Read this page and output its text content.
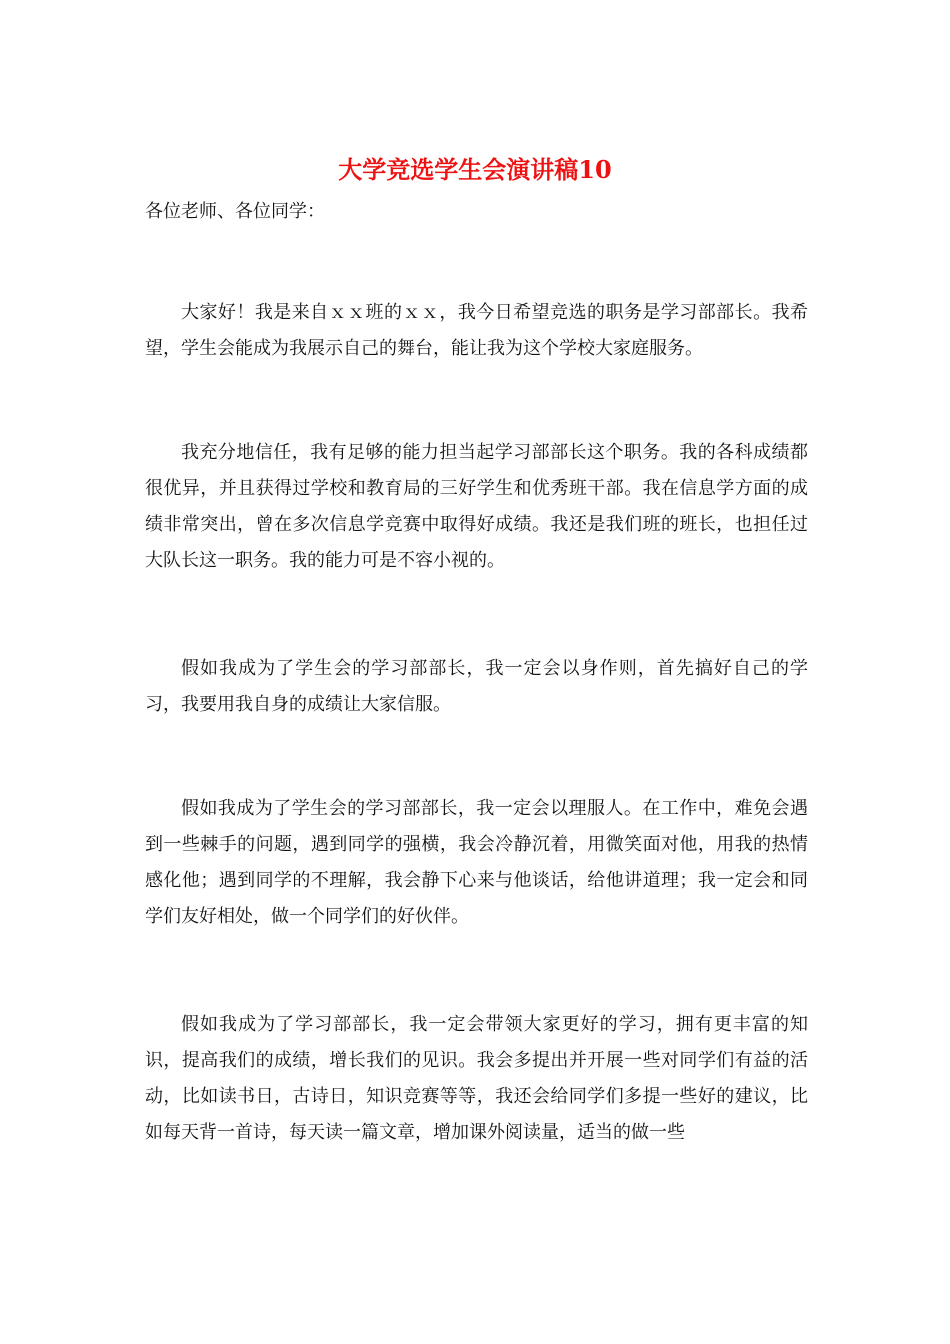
大学竞选学生会演讲稿10

各位老师、各位同学：

大家好！我是来自ｘｘ班的ｘｘ，我今日希望竞选的职务是学习部部长。我希望，学生会能成为我展示自己的舞台，能让我为这个学校大家庭服务。

我充分地信任，我有足够的能力担当起学习部部长这个职务。我的各科成绩都很优异，并且获得过学校和教育局的三好学生和优秀班干部。我在信息学方面的成绩非常突出，曾在多次信息学竞赛中取得好成绩。我还是我们班的班长，也担任过大队长这一职务。我的能力可是不容小视的。

假如我成为了学生会的学习部部长，我一定会以身作则，首先搞好自己的学习，我要用我自身的成绩让大家信服。

假如我成为了学生会的学习部部长，我一定会以理服人。在工作中，难免会遇到一些棘手的问题，遇到同学的强横，我会冷静沉着，用微笑面对他，用我的热情感化他；遇到同学的不理解，我会静下心来与他谈话，给他讲道理；我一定会和同学们友好相处，做一个同学们的好伙伴。

假如我成为了学习部部长，我一定会带领大家更好的学习，拥有更丰富的知识，提高我们的成绩，增长我们的见识。我会多提出并开展一些对同学们有益的活动，比如读书日，古诗日，知识竞赛等等，我还会给同学们多提一些好的建议，比如每天背一首诗，每天读一篇文章，增加课外阅读量，适当的做一些
